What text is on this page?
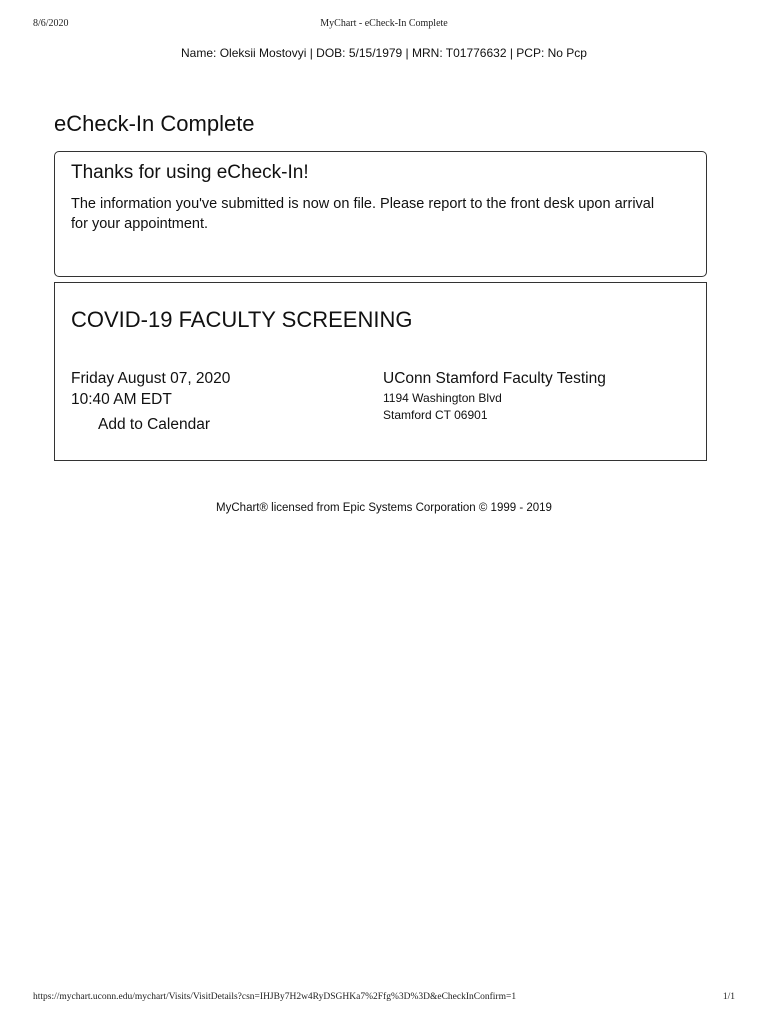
8/6/2020	MyChart - eCheck-In Complete
Name: Oleksii Mostovyi | DOB: 5/15/1979 | MRN: T01776632 | PCP: No Pcp
eCheck-In Complete
Thanks for using eCheck-In!
The information you've submitted is now on file. Please report to the front desk upon arrival for your appointment.
COVID-19 FACULTY SCREENING
Friday August 07, 2020
10:40 AM EDT
Add to Calendar
UConn Stamford Faculty Testing
1194 Washington Blvd
Stamford CT 06901
MyChart® licensed from Epic Systems Corporation © 1999 - 2019
https://mychart.uconn.edu/mychart/Visits/VisitDetails?csn=IHJBy7H2w4RyDSGHKa7%2Ffg%3D%3D&eCheckInConfirm=1	1/1
